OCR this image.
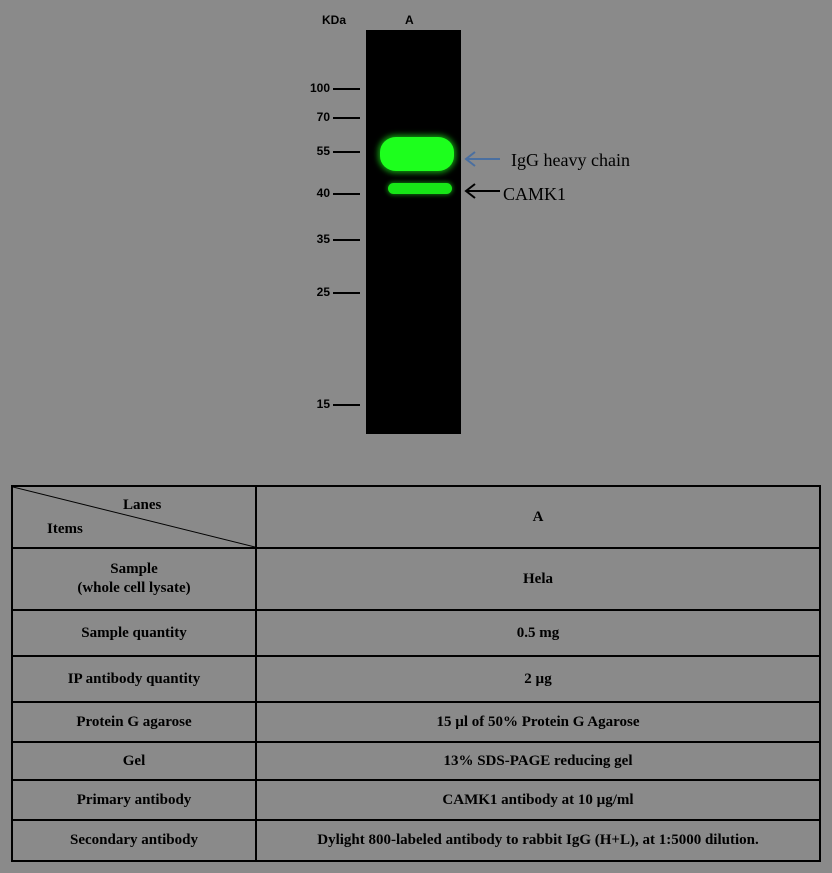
KDa	A
100
70
55
40
35
25
15
IgG heavy chain
CAMK1
Lanes
Items	A

Sample
(whole cell lysate)	Hela
Sample quantity	0.5 mg
IP antibody quantity	2 µg
Protein G agarose	15 µl of 50% Protein G Agarose
Gel	13% SDS-PAGE reducing gel
Primary antibody	CAMK1 antibody at 10 µg/ml
Secondary antibody	Dylight 800-labeled antibody to rabbit IgG (H+L), at 1:5000 dilution.
